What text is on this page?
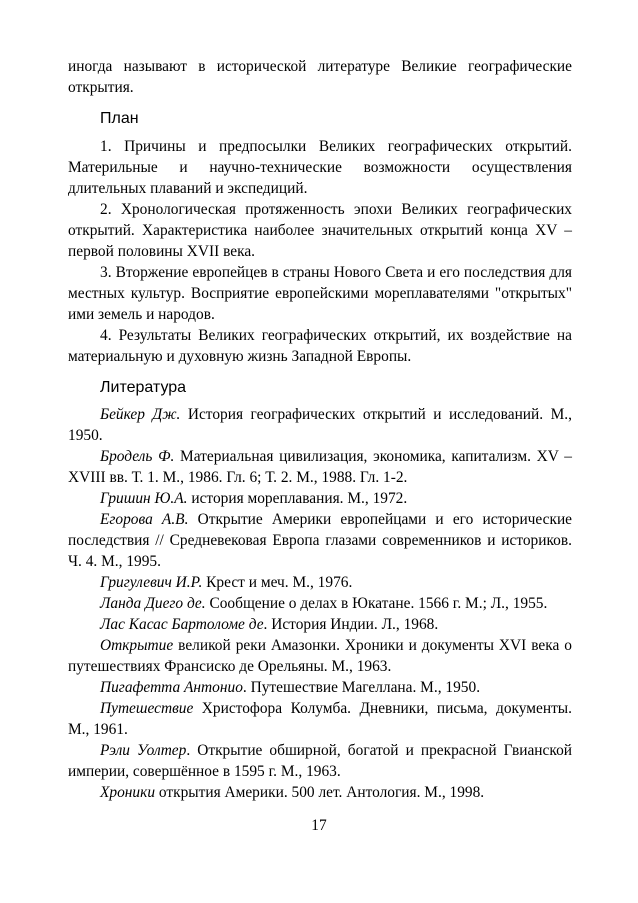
иногда называют в исторической литературе Великие географические открытия.

План

1. Причины и предпосылки Великих географических открытий. Материльные и научно-технические возможности осуществления длительных плаваний и экспедиций.

2. Хронологическая протяженность эпохи Великих географических открытий. Характеристика наиболее значительных открытий конца XV – первой половины XVII века.

3. Вторжение европейцев в страны Нового Света и его последствия для местных культур. Восприятие европейскими мореплавателями "открытых" ими земель и народов.

4. Результаты Великих географических открытий, их воздействие на материальную и духовную жизнь Западной Европы.

Литература

Бейкер Дж. История географических открытий и исследований. М., 1950.

Бродель Ф. Материальная цивилизация, экономика, капитализм. XV – XVIII вв. Т. 1. М., 1986. Гл. 6; Т. 2. М., 1988. Гл. 1-2.

Гришин Ю.А. история мореплавания. М., 1972.

Егорова А.В. Открытие Америки европейцами и его исторические последствия // Средневековая Европа глазами современников и историков. Ч. 4. М., 1995.

Григулевич И.Р. Крест и меч. М., 1976.

Ланда Диего де. Сообщение о делах в Юкатане. 1566 г. М.; Л., 1955.

Лас Касас Бартоломе де. История Индии. Л., 1968.

Открытие великой реки Амазонки. Хроники и документы XVI века о путешествиях Франсиско де Орельяны. М., 1963.

Пигафетта Антонио. Путешествие Магеллана. М., 1950.

Путешествие Христофора Колумба. Дневники, письма, документы. М., 1961.

Рэли Уолтер. Открытие обширной, богатой и прекрасной Гвианской империи, совершённое в 1595 г. М., 1963.

Хроники открытия Америки. 500 лет. Антология. М., 1998.

17
